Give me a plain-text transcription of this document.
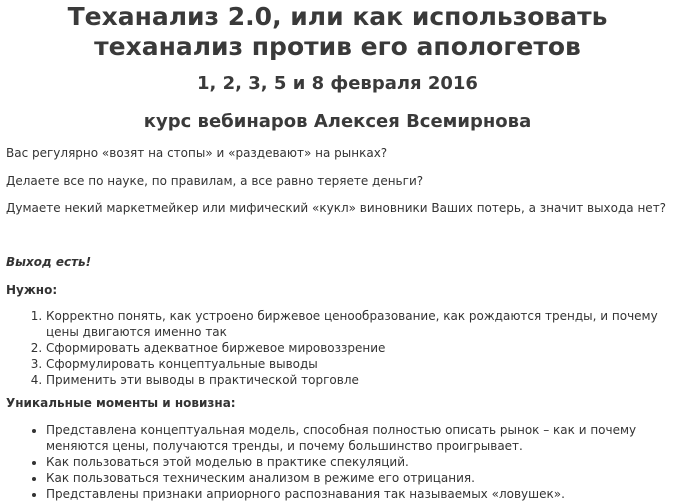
Теханализ 2.0, или как использовать теханализ против его апологетов
1, 2, 3, 5 и 8 февраля 2016
курс вебинаров Алексея Всемирнова

Вас регулярно «возят на стопы» и «раздевают» на рынках?

Делаете все по науке, по правилам, а все равно теряете деньги?

Думаете некий маркетмейкер или мифический «кукл» виновники Ваших потерь, а значит выхода нет?

Выход есть!

Нужно:

1. Корректно понять, как устроено биржевое ценообразование, как рождаются тренды, и почему цены двигаются именно так
2. Сформировать адекватное биржевое мировоззрение
3. Сформулировать концептуальные выводы
4. Применить эти выводы в практической торговле

Уникальные моменты и новизна:

• Представлена концептуальная модель, способная полностью описать рынок – как и почему меняются цены, получаются тренды, и почему большинство проигрывает.
• Как пользоваться этой моделью в практике спекуляций.
• Как пользоваться техническим анализом в режиме его отрицания.
• Представлены признаки априорного распознавания так называемых «ловушек».
